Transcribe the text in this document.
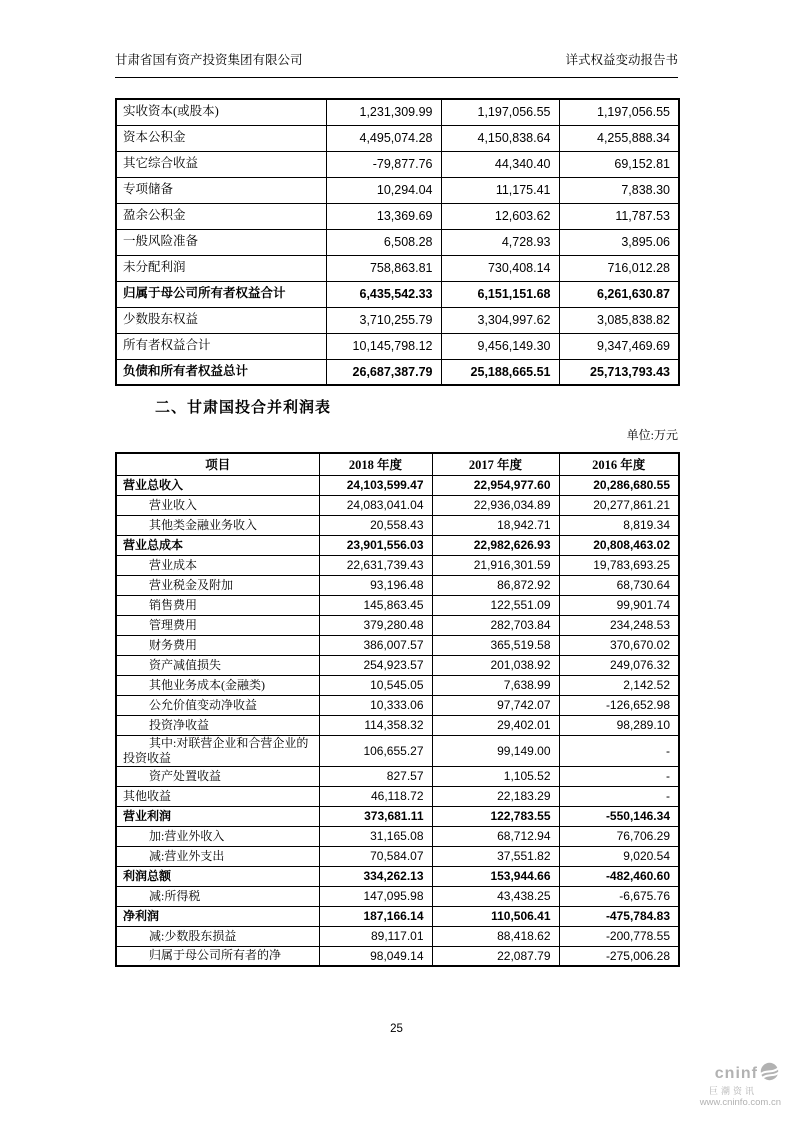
甘肃省国有资产投资集团有限公司	详式权益变动报告书
实收资本(或股本)	1,231,309.99	1,197,056.55	1,197,056.55
资本公积金	4,495,074.28	4,150,838.64	4,255,888.34
其它综合收益	-79,877.76	44,340.40	69,152.81
专项储备	10,294.04	11,175.41	7,838.30
盈余公积金	13,369.69	12,603.62	11,787.53
一般风险准备	6,508.28	4,728.93	3,895.06
未分配利润	758,863.81	730,408.14	716,012.28
归属于母公司所有者权益合计	6,435,542.33	6,151,151.68	6,261,630.87
少数股东权益	3,710,255.79	3,304,997.62	3,085,838.82
所有者权益合计	10,145,798.12	9,456,149.30	9,347,469.69
负债和所有者权益总计	26,687,387.79	25,188,665.51	25,713,793.43
二、甘肃国投合并利润表
单位:万元
项目	2018 年度	2017 年度	2016 年度
营业总收入	24,103,599.47	22,954,977.60	20,286,680.55
营业收入	24,083,041.04	22,936,034.89	20,277,861.21
其他类金融业务收入	20,558.43	18,942.71	8,819.34
营业总成本	23,901,556.03	22,982,626.93	20,808,463.02
营业成本	22,631,739.43	21,916,301.59	19,783,693.25
营业税金及附加	93,196.48	86,872.92	68,730.64
销售费用	145,863.45	122,551.09	99,901.74
管理费用	379,280.48	282,703.84	234,248.53
财务费用	386,007.57	365,519.58	370,670.02
资产减值损失	254,923.57	201,038.92	249,076.32
其他业务成本(金融类)	10,545.05	7,638.99	2,142.52
公允价值变动净收益	10,333.06	97,742.07	-126,652.98
投资净收益	114,358.32	29,402.01	98,289.10
其中:对联营企业和合营企业的投资收益	106,655.27	99,149.00	-
资产处置收益	827.57	1,105.52	-
其他收益	46,118.72	22,183.29	-
营业利润	373,681.11	122,783.55	-550,146.34
加:营业外收入	31,165.08	68,712.94	76,706.29
减:营业外支出	70,584.07	37,551.82	9,020.54
利润总额	334,262.13	153,944.66	-482,460.60
减:所得税	147,095.98	43,438.25	-6,675.76
净利润	187,166.14	110,506.41	-475,784.83
减:少数股东损益	89,117.01	88,418.62	-200,778.55
归属于母公司所有者的净	98,049.14	22,087.79	-275,006.28
25
cninf
巨潮资讯
www.cninfo.com.cn
